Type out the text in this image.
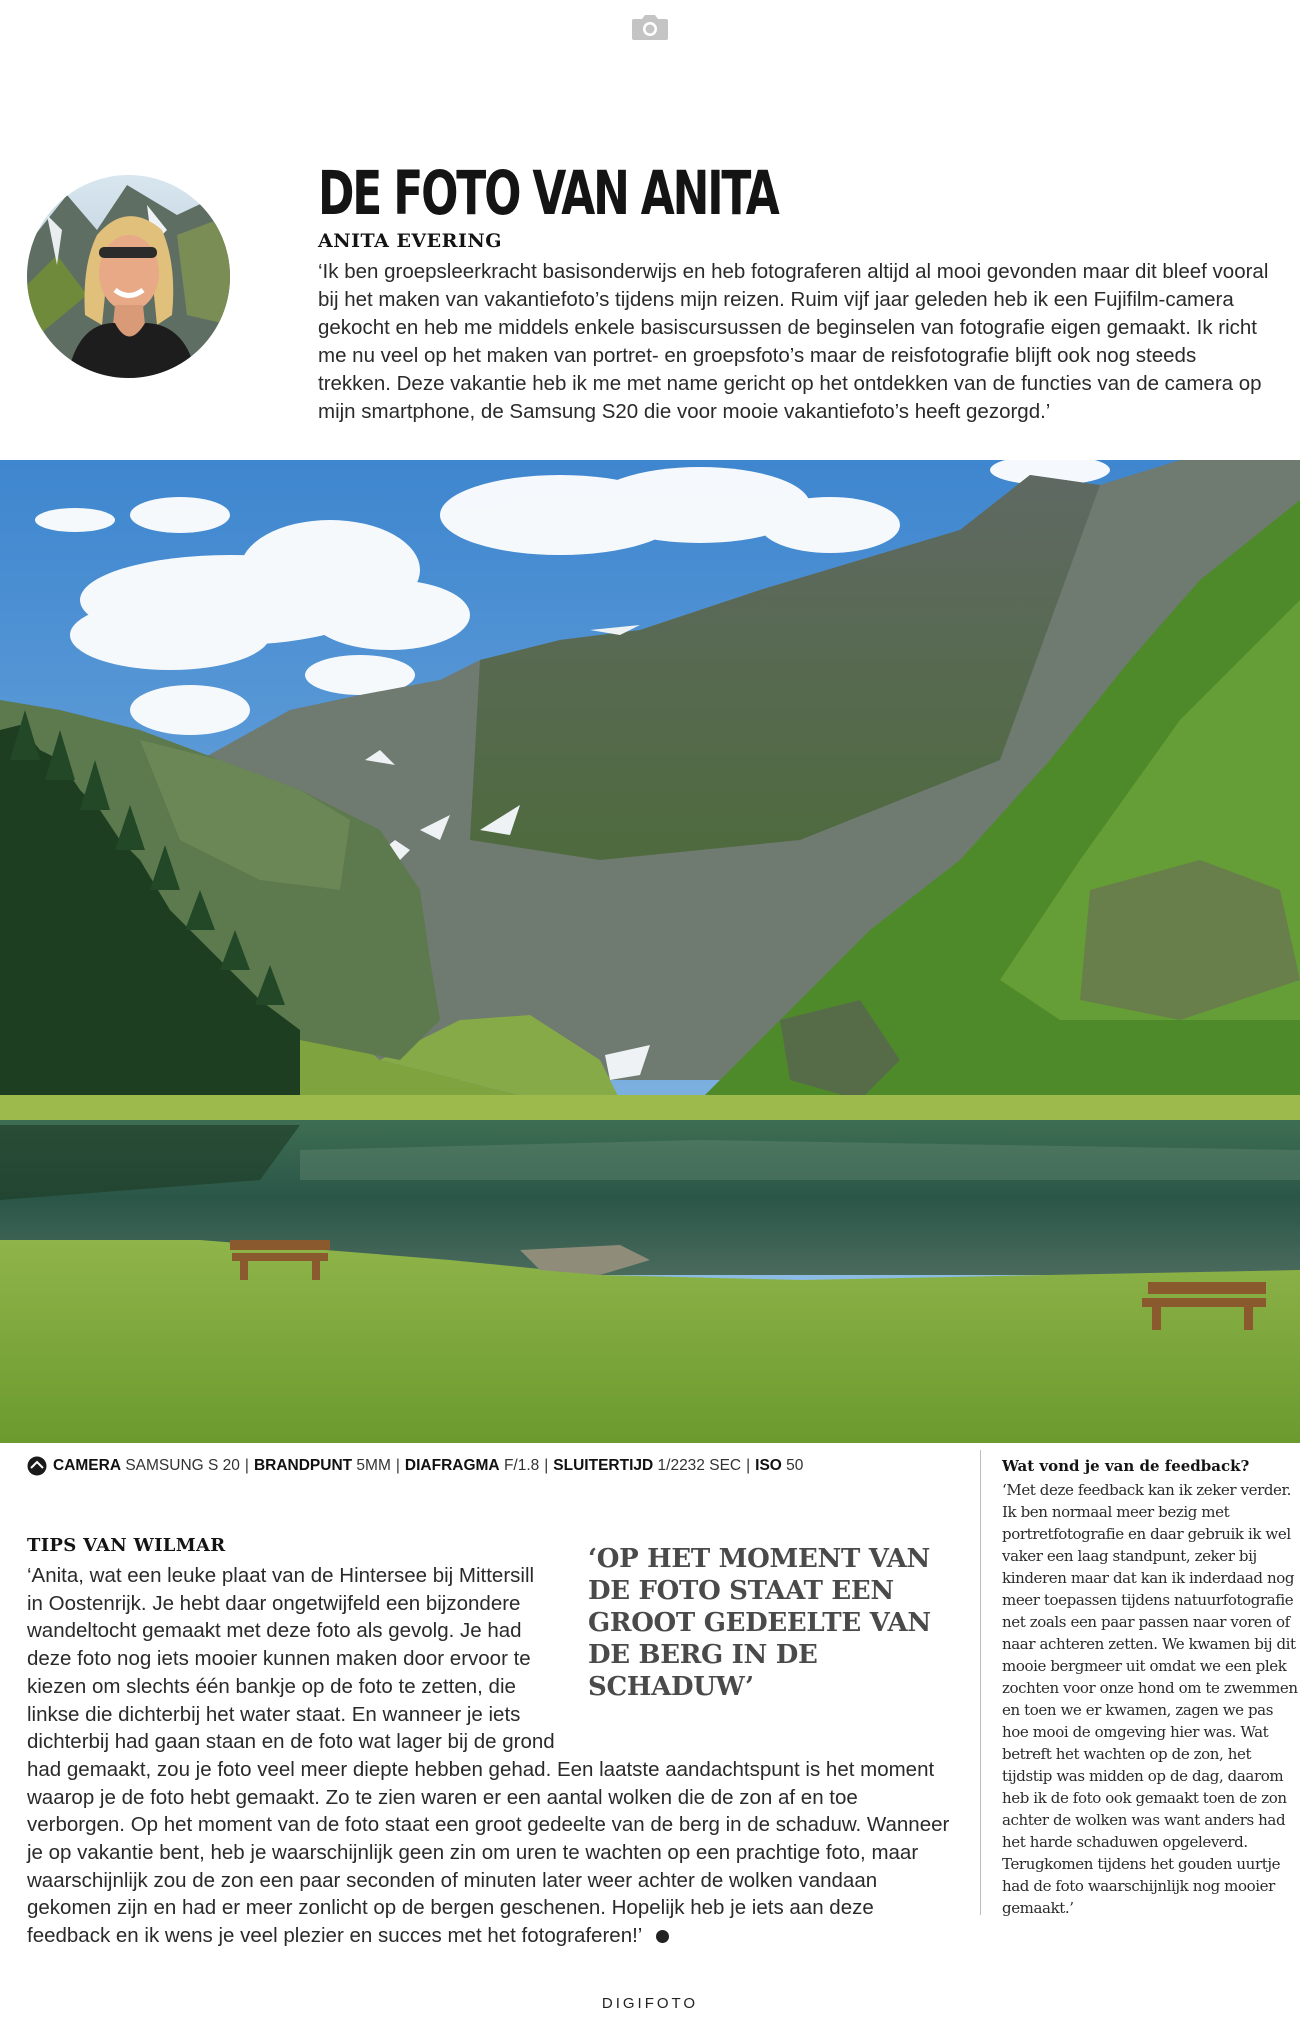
DE FOTO VAN ANITA
ANITA EVERING

‘Ik ben groepsleerkracht basisonderwijs en heb fotograferen altijd al mooi gevonden maar dit bleef vooral bij het maken van vakantiefoto’s tijdens mijn reizen. Ruim vijf jaar geleden heb ik een Fujifilm-camera gekocht en heb me middels enkele basiscursussen de beginselen van fotografie eigen gemaakt. Ik richt me nu veel op het maken van portret- en groepsfoto’s maar de reisfotografie blijft ook nog steeds trekken. Deze vakantie heb ik me met name gericht op het ontdekken van de functies van de camera op mijn smartphone, de Samsung S20 die voor mooie vakantiefoto’s heeft gezorgd.’

CAMERA
SAMSUNG S 20 | BRANDPUNT
5MM | DIAFRAGMA
F/1.8 | SLUITERTIJD
1/2232 SEC | ISO
50
TIPS VAN WILMAR
‘Anita, wat een leuke plaat van de Hintersee bij Mittersill in Oostenrijk. Je hebt daar ongetwijfeld een bijzondere wandeltocht gemaakt met deze foto als gevolg. Je had deze foto nog iets mooier kunnen maken door ervoor te kiezen om slechts één bankje op de foto te zetten, die linkse die dichterbij het water staat. En wanneer je iets dichterbij had gaan staan en de foto wat lager bij de grond had gemaakt, zou je foto veel meer diepte hebben gehad. Een laatste aandachtspunt is het moment waarop je de foto hebt gemaakt. Zo te zien waren er een aantal wolken die de zon af en toe verborgen. Op het moment van de foto staat een groot gedeelte van de berg in de schaduw. Wanneer je op vakantie bent, heb je waarschijnlijk geen zin om uren te wachten op een prachtige foto, maar waarschijnlijk zou de zon een paar seconden of minuten later weer achter de wolken vandaan gekomen zijn en had er meer zonlicht op de bergen geschenen. Hopelijk heb je iets aan deze feedback en ik wens je veel plezier en succes met het fotograferen!’
‘OP HET MOMENT VAN DE FOTO STAAT EEN GROOT GEDEELTE VAN DE BERG IN DE SCHADUW’
Wat vond je van de feedback?

‘Met deze feedback kan ik zeker verder. Ik ben normaal meer bezig met portretfotografie en daar gebruik ik wel vaker een laag standpunt, zeker bij kinderen maar dat kan ik inderdaad nog meer toepassen tijdens natuurfotografie net zoals een paar passen naar voren of naar achteren zetten. We kwamen bij dit mooie bergmeer uit omdat we een plek zochten voor onze hond om te zwemmen en toen we er kwamen, zagen we pas hoe mooi de omgeving hier was. Wat betreft het wachten op de zon, het tijdstip was midden op de dag, daarom heb ik de foto ook gemaakt toen de zon achter de wolken was want anders had het harde schaduwen opgeleverd. Terugkomen tijdens het gouden uurtje had de foto waarschijnlijk nog mooier gemaakt.’

DIGIFOTO
